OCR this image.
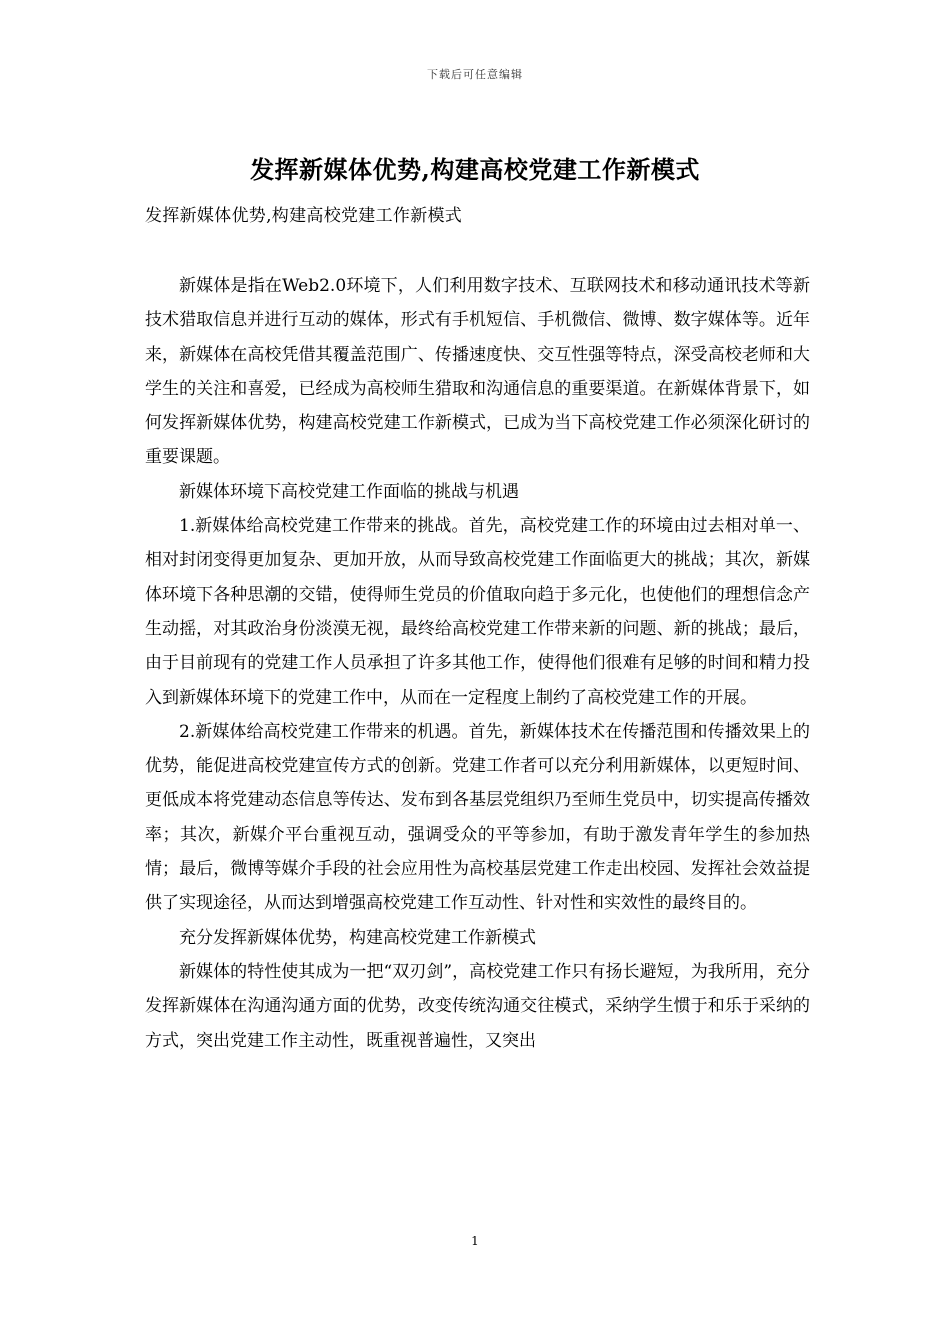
下载后可任意编辑
发挥新媒体优势,构建高校党建工作新模式
发挥新媒体优势,构建高校党建工作新模式

新媒体是指在Web2.0环境下，人们利用数字技术、互联网技术和移动通讯技术等新技术猎取信息并进行互动的媒体，形式有手机短信、手机微信、微博、数字媒体等。近年来，新媒体在高校凭借其覆盖范围广、传播速度快、交互性强等特点，深受高校老师和大学生的关注和喜爱，已经成为高校师生猎取和沟通信息的重要渠道。在新媒体背景下，如何发挥新媒体优势，构建高校党建工作新模式，已成为当下高校党建工作必须深化研讨的重要课题。

新媒体环境下高校党建工作面临的挑战与机遇

1.新媒体给高校党建工作带来的挑战。首先，高校党建工作的环境由过去相对单一、相对封闭变得更加复杂、更加开放，从而导致高校党建工作面临更大的挑战；其次，新媒体环境下各种思潮的交错，使得师生党员的价值取向趋于多元化，也使他们的理想信念产生动摇，对其政治身份淡漠无视，最终给高校党建工作带来新的问题、新的挑战；最后，由于目前现有的党建工作人员承担了许多其他工作，使得他们很难有足够的时间和精力投入到新媒体环境下的党建工作中，从而在一定程度上制约了高校党建工作的开展。

2.新媒体给高校党建工作带来的机遇。首先，新媒体技术在传播范围和传播效果上的优势，能促进高校党建宣传方式的创新。党建工作者可以充分利用新媒体，以更短时间、更低成本将党建动态信息等传达、发布到各基层党组织乃至师生党员中，切实提高传播效率；其次，新媒介平台重视互动，强调受众的平等参加，有助于激发青年学生的参加热情；最后，微博等媒介手段的社会应用性为高校基层党建工作走出校园、发挥社会效益提供了实现途径，从而达到增强高校党建工作互动性、针对性和实效性的最终目的。

充分发挥新媒体优势，构建高校党建工作新模式

新媒体的特性使其成为一把“双刃剑”，高校党建工作只有扬长避短，为我所用，充分发挥新媒体在沟通沟通方面的优势，改变传统沟通交往模式，采纳学生惯于和乐于采纳的方式，突出党建工作主动性，既重视普遍性，又突出

1
